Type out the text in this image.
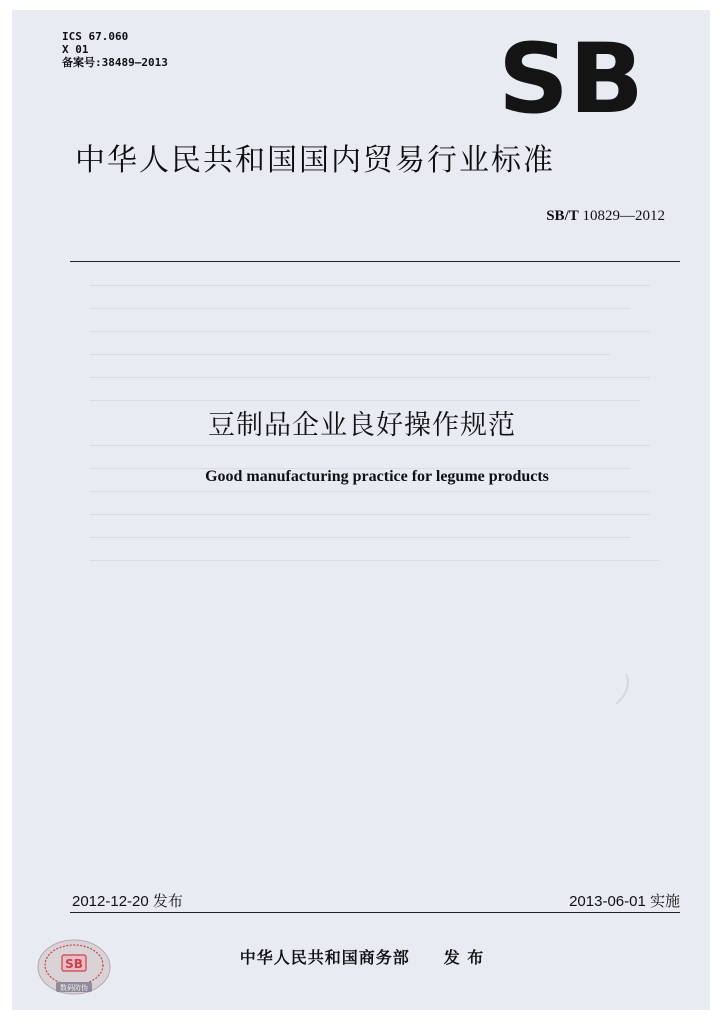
ICS 67.060
X 01
备案号:38489—2013	SB
中华人民共和国国内贸易行业标准
SB/T 10829—2012
豆制品企业良好操作规范
Good manufacturing practice for legume products
2012-12-20 发布	2013-06-01 实施
中华人民共和国商务部 发 布
SB
数码防伪
